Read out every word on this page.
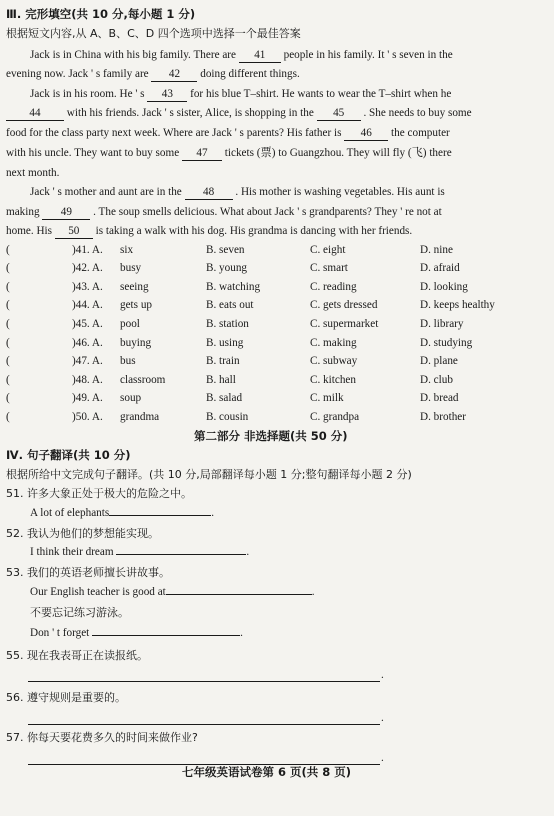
Ⅲ. 完形填空(共 10 分,每小题 1 分)
根据短文内容,从 A、B、C、D 四个选项中选择一个最佳答案
Jack is in China with his big family. There are 41 people in his family. It ' s seven in the
evening now. Jack ' s family are 42 doing different things.
Jack is in his room. He ' s 43 for his blue T–shirt. He wants to wear the T–shirt when he
44 with his friends. Jack ' s sister, Alice, is shopping in the 45 . She needs to buy some
food for the class party next week. Where are Jack ' s parents? His father is 46 the computer
with his uncle. They want to buy some 47 tickets (票) to Guangzhou. They will fly (飞) there
next month.
Jack ' s mother and aunt are in the 48 . His mother is washing vegetables. His aunt is
making 49 . The soup smells delicious. What about Jack ' s grandparents? They ' re not at
home. His 50 is taking a walk with his dog. His grandma is dancing with her friends.
(	)41. A. six	B. seven	C. eight	D. nine
(	)42. A. busy	B. young	C. smart	D. afraid
(	)43. A. seeing	B. watching	C. reading	D. looking
(	)44. A. gets up	B. eats out	C. gets dressed	D. keeps healthy
(	)45. A. pool	B. station	C. supermarket	D. library
(	)46. A. buying	B. using	C. making	D. studying
(	)47. A. bus	B. train	C. subway	D. plane
(	)48. A. classroom	B. hall	C. kitchen	D. club
(	)49. A. soup	B. salad	C. milk	D. bread
(	)50. A. grandma	B. cousin	C. grandpa	D. brother
第二部分 非选择题(共 50 分)
Ⅳ. 句子翻译(共 10 分)
根据所给中文完成句子翻译。(共 10 分,局部翻译每小题 1 分;整句翻译每小题 2 分)
51. 许多大象正处于极大的危险之中。
A lot of elephants	.
52. 我认为他们的梦想能实现。
I think their dream	.
53. 我们的英语老师擅长讲故事。
Our English teacher is good at	.
不要忘记练习游泳。
Don ' t forget	.
55. 现在我表哥正在读报纸。
.
56. 遵守规则是重要的。
.
57. 你每天要花费多久的时间来做作业?
.
七年级英语试卷第 6 页(共 8 页)
